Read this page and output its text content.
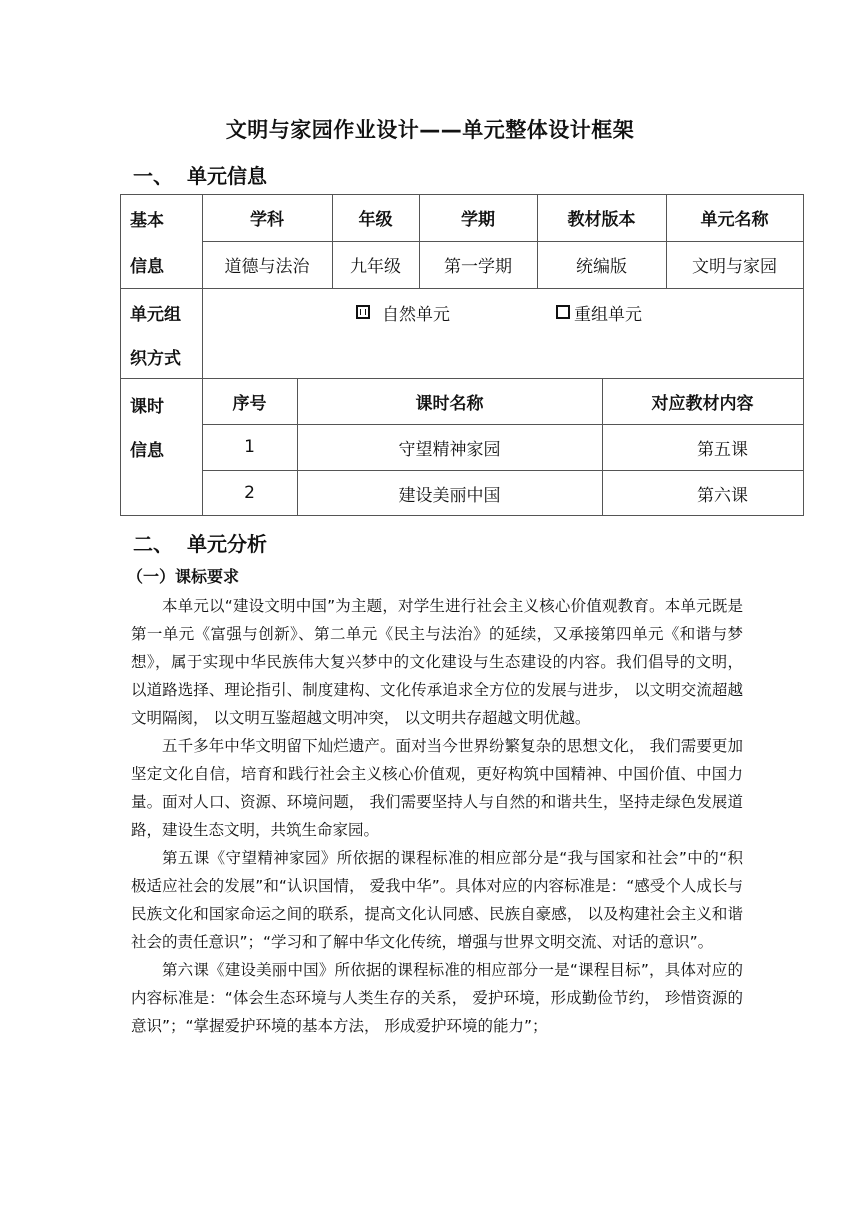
文明与家园作业设计——单元整体设计框架
一、 单元信息
基本
信息
学科	年级	学期	教材版本	单元名称
道德与法治	九年级	第一学期	统编版	文明与家园
单元组
织方式
自然单元	重组单元
课时
信息
序号	课时名称	对应教材内容
1	守望精神家园	第五课
2	建设美丽中国	第六课
二、 单元分析
（一）课标要求

本单元以“建设文明中国”为主题，对学生进行社会主义核心价值观教育。本单元既是第一单元《富强与创新》、第二单元《民主与法治》的延续，又承接第四单元《和谐与梦想》，属于实现中华民族伟大复兴梦中的文化建设与生态建设的内容。我们倡导的文明， 以道路选择、理论指引、制度建构、文化传承追求全方位的发展与进步， 以文明交流超越文明隔阂， 以文明互鉴超越文明冲突， 以文明共存超越文明优越。

五千多年中华文明留下灿烂遗产。面对当今世界纷繁复杂的思想文化， 我们需要更加坚定文化自信，培育和践行社会主义核心价值观，更好构筑中国精神、中国价值、中国力量。面对人口、资源、环境问题， 我们需要坚持人与自然的和谐共生，坚持走绿色发展道路，建设生态文明，共筑生命家园。

第五课《守望精神家园》所依据的课程标准的相应部分是“我与国家和社会”中的“积极适应社会的发展”和“认识国情， 爱我中华”。具体对应的内容标准是：“感受个人成长与民族文化和国家命运之间的联系，提高文化认同感、民族自豪感， 以及构建社会主义和谐社会的责任意识”；“学习和了解中华文化传统，增强与世界文明交流、对话的意识”。

第六课《建设美丽中国》所依据的课程标准的相应部分一是“课程目标”，具体对应的内容标准是：“体会生态环境与人类生存的关系， 爱护环境，形成勤俭节约， 珍惜资源的意识”；“掌握爱护环境的基本方法， 形成爱护环境的能力”；
